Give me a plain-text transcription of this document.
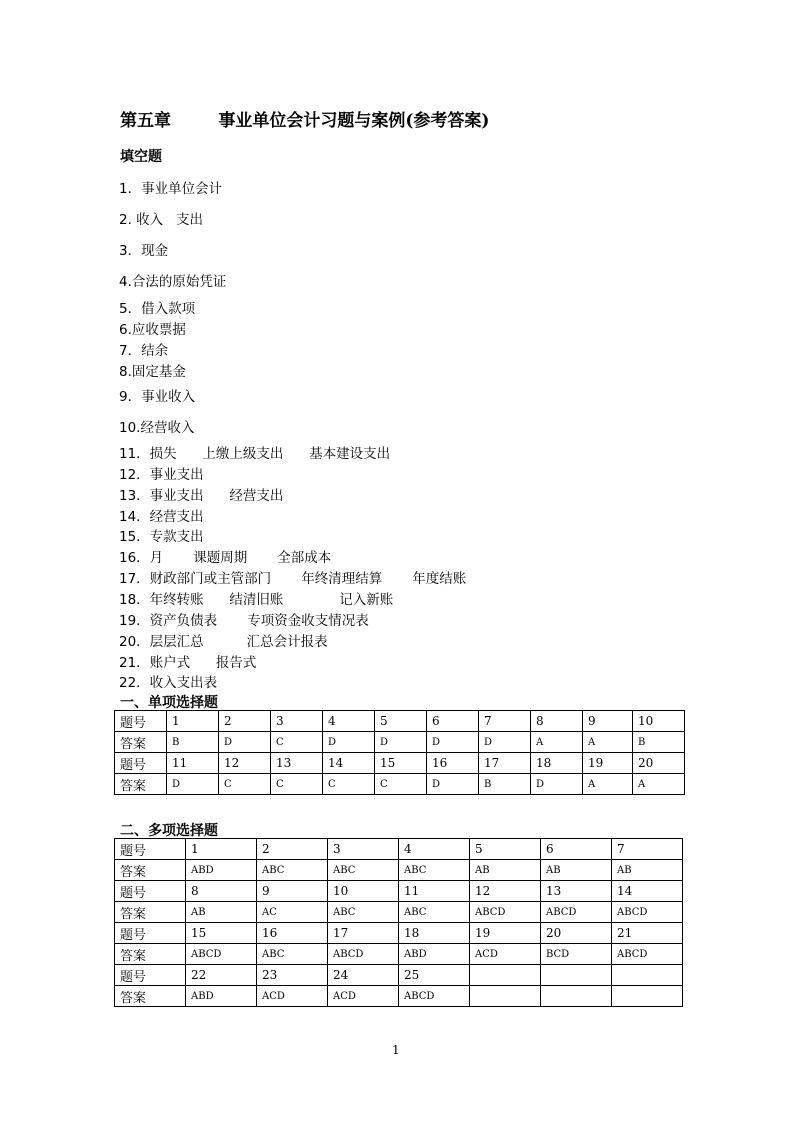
第五章        事业单位会计习题与案例(参考答案)
填空题
1．事业单位会计
2. 收入   支出
3．现金
4.合法的原始凭证
5．借入款项
6.应收票据
7．结余
8.固定基金
9．事业收入
10.经营收入
11．损失      上缴上级支出      基本建设支出
12．事业支出
13．事业支出      经营支出
14．经营支出
15．专款支出
16．月       课题周期       全部成本
17．财政部门或主管部门       年终清理结算       年度结账
18．年终转账      结清旧账             记入新账
19．资产负债表       专项资金收支情况表
20．层层汇总          汇总会计报表
21．账户式      报告式
22．收入支出表
一、单项选择题
题号	1	2	3	4	5	6	7	8	9	10
答案	B	D	C	D	D	D	D	A	A	B
题号	11	12	13	14	15	16	17	18	19	20
答案	D	C	C	C	C	D	B	D	A	A
二、多项选择题
题号	1	2	3	4	5	6	7
答案	ABD	ABC	ABC	ABC	AB	AB	AB
题号	8	9	10	11	12	13	14
答案	AB	AC	ABC	ABC	ABCD	ABCD	ABCD
题号	15	16	17	18	19	20	21
答案	ABCD	ABC	ABCD	ABD	ACD	BCD	ABCD
题号	22	23	24	25			
答案	ABD	ACD	ACD	ABCD			
1
